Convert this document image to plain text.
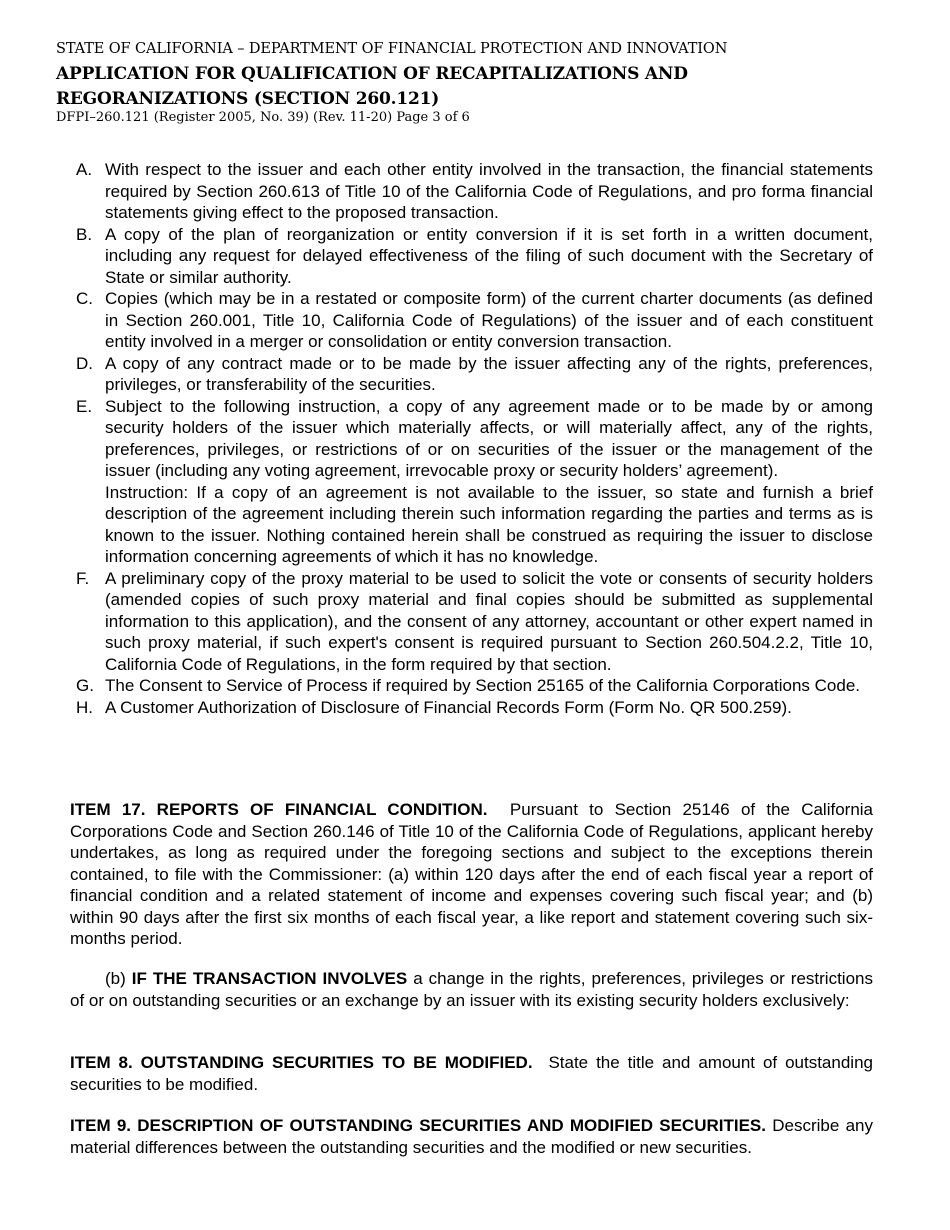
STATE OF CALIFORNIA – DEPARTMENT OF FINANCIAL PROTECTION AND INNOVATION
APPLICATION FOR QUALIFICATION OF RECAPITALIZATIONS AND REGORANIZATIONS (SECTION 260.121)
DFPI–260.121 (Register 2005, No. 39) (Rev. 11-20) Page 3 of 6
A. With respect to the issuer and each other entity involved in the transaction, the financial statements required by Section 260.613 of Title 10 of the California Code of Regulations, and pro forma financial statements giving effect to the proposed transaction.
B. A copy of the plan of reorganization or entity conversion if it is set forth in a written document, including any request for delayed effectiveness of the filing of such document with the Secretary of State or similar authority.
C. Copies (which may be in a restated or composite form) of the current charter documents (as defined in Section 260.001, Title 10, California Code of Regulations) of the issuer and of each constituent entity involved in a merger or consolidation or entity conversion transaction.
D. A copy of any contract made or to be made by the issuer affecting any of the rights, preferences, privileges, or transferability of the securities.
E. Subject to the following instruction, a copy of any agreement made or to be made by or among security holders of the issuer which materially affects, or will materially affect, any of the rights, preferences, privileges, or restrictions of or on securities of the issuer or the management of the issuer (including any voting agreement, irrevocable proxy or security holders’ agreement).
Instruction: If a copy of an agreement is not available to the issuer, so state and furnish a brief description of the agreement including therein such information regarding the parties and terms as is known to the issuer. Nothing contained herein shall be construed as requiring the issuer to disclose information concerning agreements of which it has no knowledge.
F. A preliminary copy of the proxy material to be used to solicit the vote or consents of security holders (amended copies of such proxy material and final copies should be submitted as supplemental information to this application), and the consent of any attorney, accountant or other expert named in such proxy material, if such expert's consent is required pursuant to Section 260.504.2.2, Title 10, California Code of Regulations, in the form required by that section.
G. The Consent to Service of Process if required by Section 25165 of the California Corporations Code.
H. A Customer Authorization of Disclosure of Financial Records Form (Form No. QR 500.259).

ITEM 17. REPORTS OF FINANCIAL CONDITION. Pursuant to Section 25146 of the California Corporations Code and Section 260.146 of Title 10 of the California Code of Regulations, applicant hereby undertakes, as long as required under the foregoing sections and subject to the exceptions therein contained, to file with the Commissioner: (a) within 120 days after the end of each fiscal year a report of financial condition and a related statement of income and expenses covering such fiscal year; and (b) within 90 days after the first six months of each fiscal year, a like report and statement covering such six-months period.

(b) IF THE TRANSACTION INVOLVES a change in the rights, preferences, privileges or restrictions of or on outstanding securities or an exchange by an issuer with its existing security holders exclusively:

ITEM 8. OUTSTANDING SECURITIES TO BE MODIFIED. State the title and amount of outstanding securities to be modified.

ITEM 9. DESCRIPTION OF OUTSTANDING SECURITIES AND MODIFIED SECURITIES. Describe any material differences between the outstanding securities and the modified or new securities.
